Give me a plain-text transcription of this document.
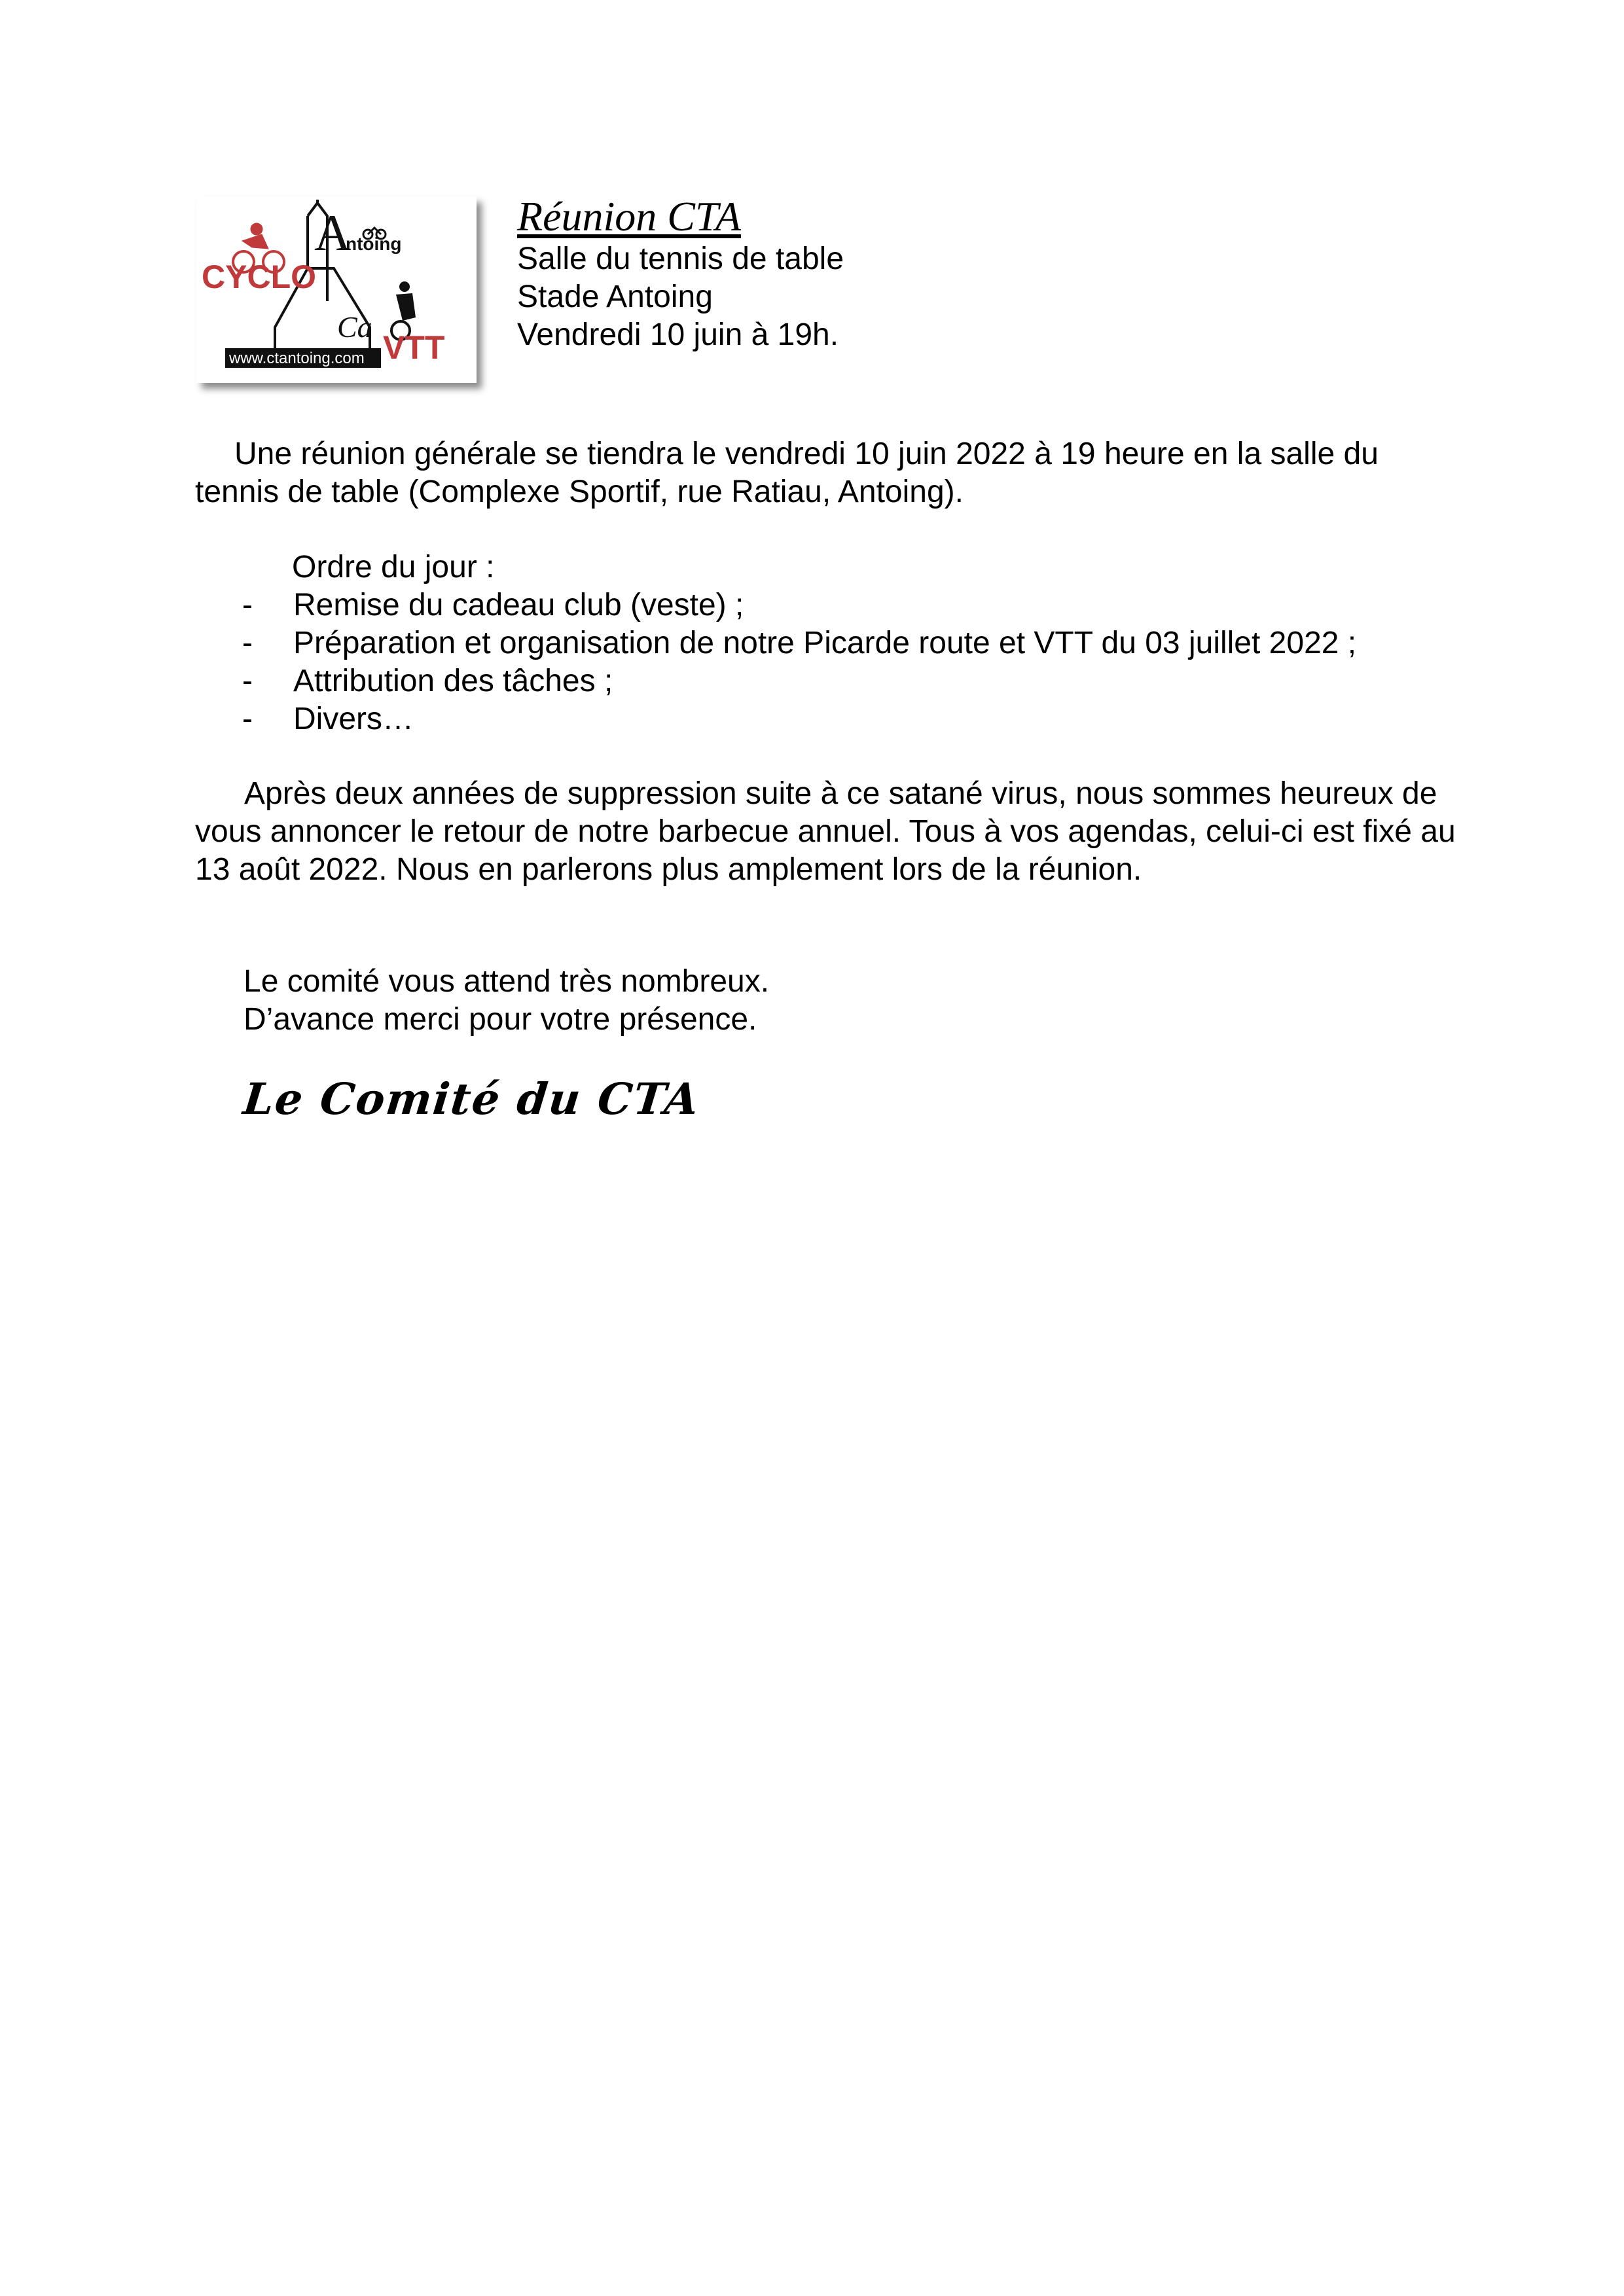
A
ntoing
CYCLO
VTT
Ca
www.ctantoing.com
Réunion CTA
Salle du tennis de table
Stade Antoing
Vendredi 10 juin à 19h.

Une réunion générale se tiendra le vendredi 10 juin 2022 à 19 heure en la salle du tennis de table (Complexe Sportif, rue Ratiau, Antoing).

Ordre du jour :
-	Remise du cadeau club (veste) ;
-	Préparation et organisation de notre Picarde route et VTT du 03 juillet 2022 ;
-	Attribution des tâches ;
-	Divers…

Après deux années de suppression suite à ce satané virus, nous sommes heureux de vous annoncer le retour de notre barbecue annuel. Tous à vos agendas, celui-ci est fixé au 13 août 2022. Nous en parlerons plus amplement lors de la réunion.

Le comité vous attend très nombreux.
D’avance merci pour votre présence.
Le Comité du CTA
